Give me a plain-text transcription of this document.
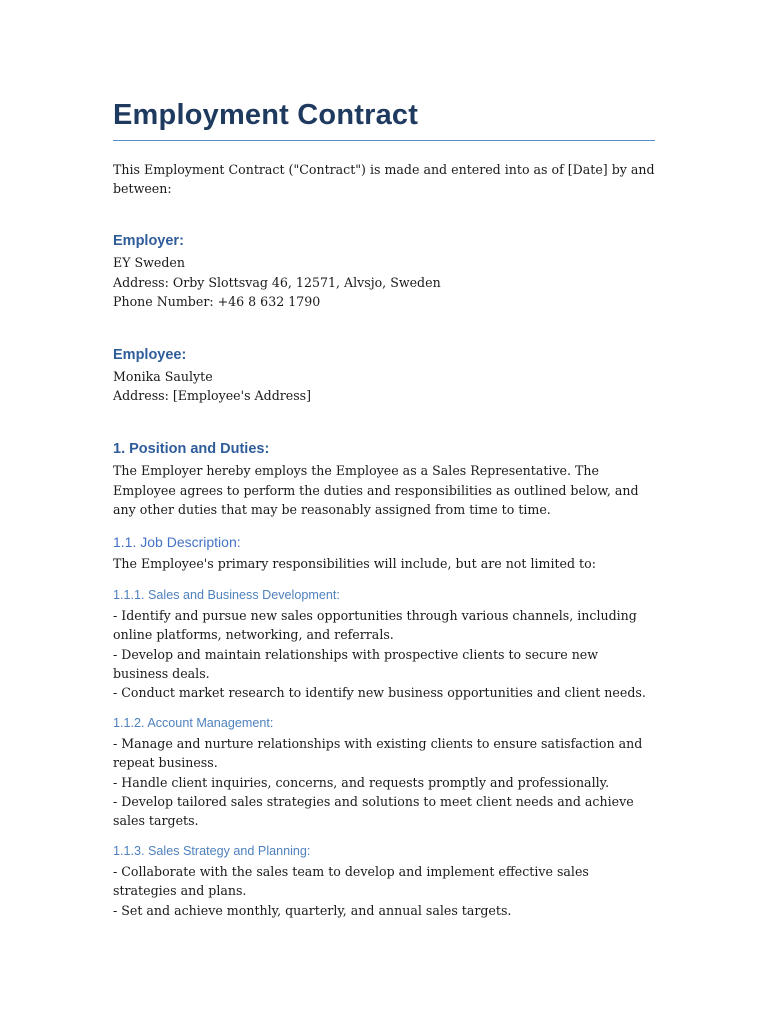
Employment Contract

This Employment Contract ("Contract") is made and entered into as of [Date] by and between:

Employer:

EY Sweden

Address: Orby Slottsvag 46, 12571, Alvsjo, Sweden

Phone Number: +46 8 632 1790

Employee:

Monika Saulyte

Address: [Employee's Address]

1. Position and Duties:

The Employer hereby employs the Employee as a Sales Representative. The Employee agrees to perform the duties and responsibilities as outlined below, and any other duties that may be reasonably assigned from time to time.

1.1. Job Description:

The Employee's primary responsibilities will include, but are not limited to:

1.1.1. Sales and Business Development:

- Identify and pursue new sales opportunities through various channels, including online platforms, networking, and referrals.

- Develop and maintain relationships with prospective clients to secure new business deals.

- Conduct market research to identify new business opportunities and client needs.

1.1.2. Account Management:

- Manage and nurture relationships with existing clients to ensure satisfaction and repeat business.

- Handle client inquiries, concerns, and requests promptly and professionally.

- Develop tailored sales strategies and solutions to meet client needs and achieve sales targets.

1.1.3. Sales Strategy and Planning:

- Collaborate with the sales team to develop and implement effective sales strategies and plans.

- Set and achieve monthly, quarterly, and annual sales targets.
